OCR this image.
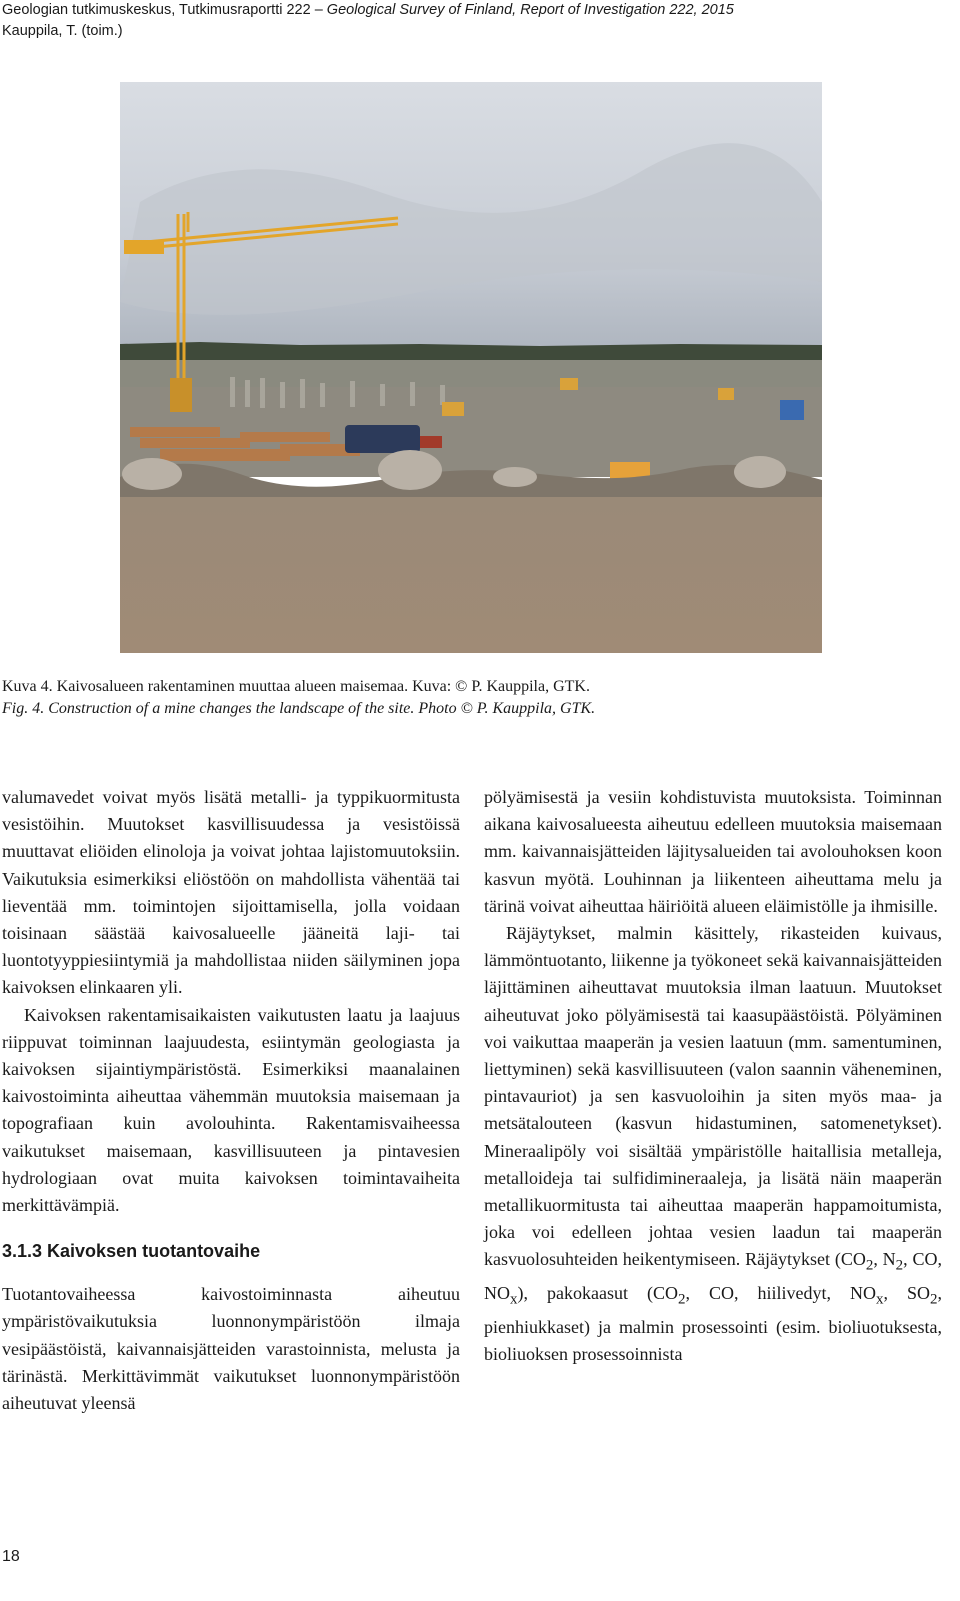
Geologian tutkimuskeskus, Tutkimusraportti 222 – Geological Survey of Finland, Report of Investigation 222, 2015
Kauppila, T. (toim.)
Kuva 4. Kaivosalueen rakentaminen muuttaa alueen maisemaa. Kuva: © P. Kauppila, GTK.
Fig. 4. Construction of a mine changes the landscape of the site. Photo © P. Kauppila, GTK.

valumavedet voivat myös lisätä metalli- ja typpikuormitusta vesistöihin. Muutokset kasvillisuudessa ja vesistöissä muuttavat eliöiden elinoloja ja voivat johtaa lajistomuutoksiin. Vaikutuksia esimerkiksi eliöstöön on mahdollista vähentää tai lieventää mm. toimintojen sijoittamisella, jolla voidaan toisinaan säästää kaivosalueelle jääneitä laji- tai luontotyyppiesiintymiä ja mahdollistaa niiden säilyminen jopa kaivoksen elinkaaren yli.

Kaivoksen rakentamisaikaisten vaikutusten laatu ja laajuus riippuvat toiminnan laajuudesta, esiintymän geologiasta ja kaivoksen sijaintiympäristöstä. Esimerkiksi maanalainen kaivostoiminta aiheuttaa vähemmän muutoksia maisemaan ja topografiaan kuin avolouhinta. Rakentamisvaiheessa vaikutukset maisemaan, kasvillisuuteen ja pintavesien hydrologiaan ovat muita kaivoksen toimintavaiheita merkittävämpiä.

3.1.3 Kaivoksen tuotantovaihe

Tuotantovaiheessa kaivostoiminnasta aiheutuu ympäristövaikutuksia luonnonympäristöön ilmaja vesipäästöistä, kaivannaisjätteiden varastoinnista, melusta ja tärinästä. Merkittävimmät vaikutukset luonnonympäristöön aiheutuvat yleensä

pölyämisestä ja vesiin kohdistuvista muutoksista. Toiminnan aikana kaivosalueesta aiheutuu edelleen muutoksia maisemaan mm. kaivannaisjätteiden läjitysalueiden tai avolouhoksen koon kasvun myötä. Louhinnan ja liikenteen aiheuttama melu ja tärinä voivat aiheuttaa häiriöitä alueen eläimistölle ja ihmisille.

Räjäytykset, malmin käsittely, rikasteiden kuivaus, lämmöntuotanto, liikenne ja työkoneet sekä kaivannaisjätteiden läjittäminen aiheuttavat muutoksia ilman laatuun. Muutokset aiheutuvat joko pölyämisestä tai kaasupäästöistä. Pölyäminen voi vaikuttaa maaperän ja vesien laatuun (mm. samentuminen, liettyminen) sekä kasvillisuuteen (valon saannin väheneminen, pintavauriot) ja sen kasvuoloihin ja siten myös maa- ja metsätalouteen (kasvun hidastuminen, satomenetykset). Mineraalipöly voi sisältää ympäristölle haitallisia metalleja, metalloideja tai sulfidimineraaleja, ja lisätä näin maaperän metallikuormitusta tai aiheuttaa maaperän happamoitumista, joka voi edelleen johtaa vesien laadun tai maaperän kasvuolosuhteiden heikentymiseen. Räjäytykset ($CO_2$, $N_2$, CO, $NO_x$), pakokaasut ($CO_2$, CO, hiilivedyt, $NO_x$, $SO_2$, pienhiukkaset) ja malmin prosessointi (esim. bioliuotuksesta, bioliuoksen prosessoinnista

18
